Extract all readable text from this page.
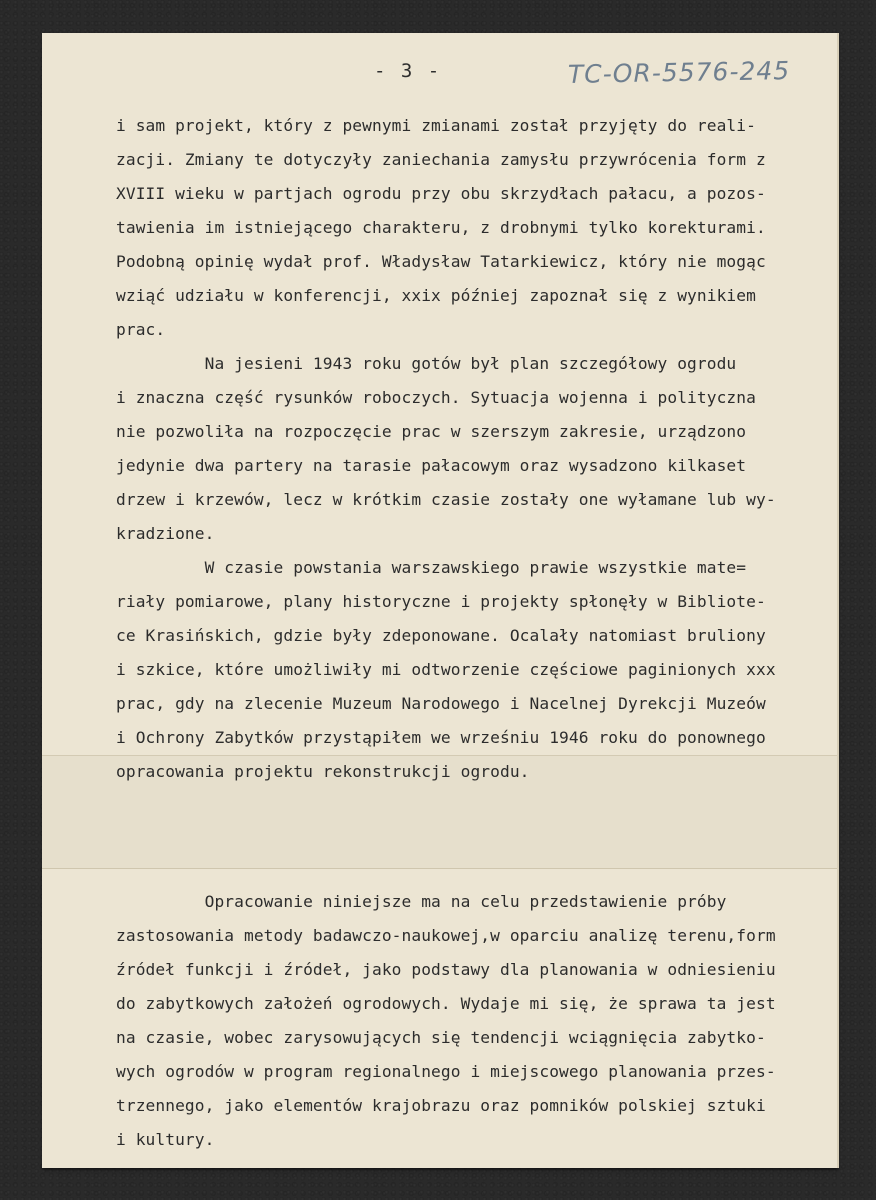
- 3 -	TC-OR-5576-245
i sam projekt, który z pewnymi zmianami został przyjęty do reali-
zacji. Zmiany te dotyczyły zaniechania zamysłu przywrócenia form z
XVIII wieku w partjach ogrodu przy obu skrzydłach pałacu, a pozos-
tawienia im istniejącego charakteru, z drobnymi tylko korekturami.
Podobną opinię wydał prof. Władysław Tatarkiewicz, który nie mogąc
wziąć udziału w konferencji, xxix później zapoznał się z wynikiem
prac.
Na jesieni 1943 roku gotów był plan szczegółowy ogrodu
i znaczna część rysunków roboczych. Sytuacja wojenna i polityczna
nie pozwoliła na rozpoczęcie prac w szerszym zakresie, urządzono
jedynie dwa partery na tarasie pałacowym oraz wysadzono kilkaset
drzew i krzewów, lecz w krótkim czasie zostały one wyłamane lub wy-
kradzione.
W czasie powstania warszawskiego prawie wszystkie mate=
riały pomiarowe, plany historyczne i projekty spłonęły w Bibliote-
ce Krasińskich, gdzie były zdeponowane. Ocalały natomiast bruliony
i szkice, które umożliwiły mi odtworzenie częściowe paginionych xxx
prac, gdy na zlecenie Muzeum Narodowego i Nacelnej Dyrekcji Muzeów
i Ochrony Zabytków przystąpiłem we wrześniu 1946 roku do ponownego
opracowania projektu rekonstrukcji ogrodu.
Opracowanie niniejsze ma na celu przedstawienie próby
zastosowania metody badawczo-naukowej,w oparciu analizę terenu,form
źródeł funkcji i źródeł, jako podstawy dla planowania w odniesieniu
do zabytkowych założeń ogrodowych. Wydaje mi się, że sprawa ta jest
na czasie, wobec zarysowujących się tendencji wciągnięcia zabytko-
wych ogrodów w program regionalnego i miejscowego planowania przes-
trzennego, jako elementów krajobrazu oraz pomników polskiej sztuki
i kultury.
